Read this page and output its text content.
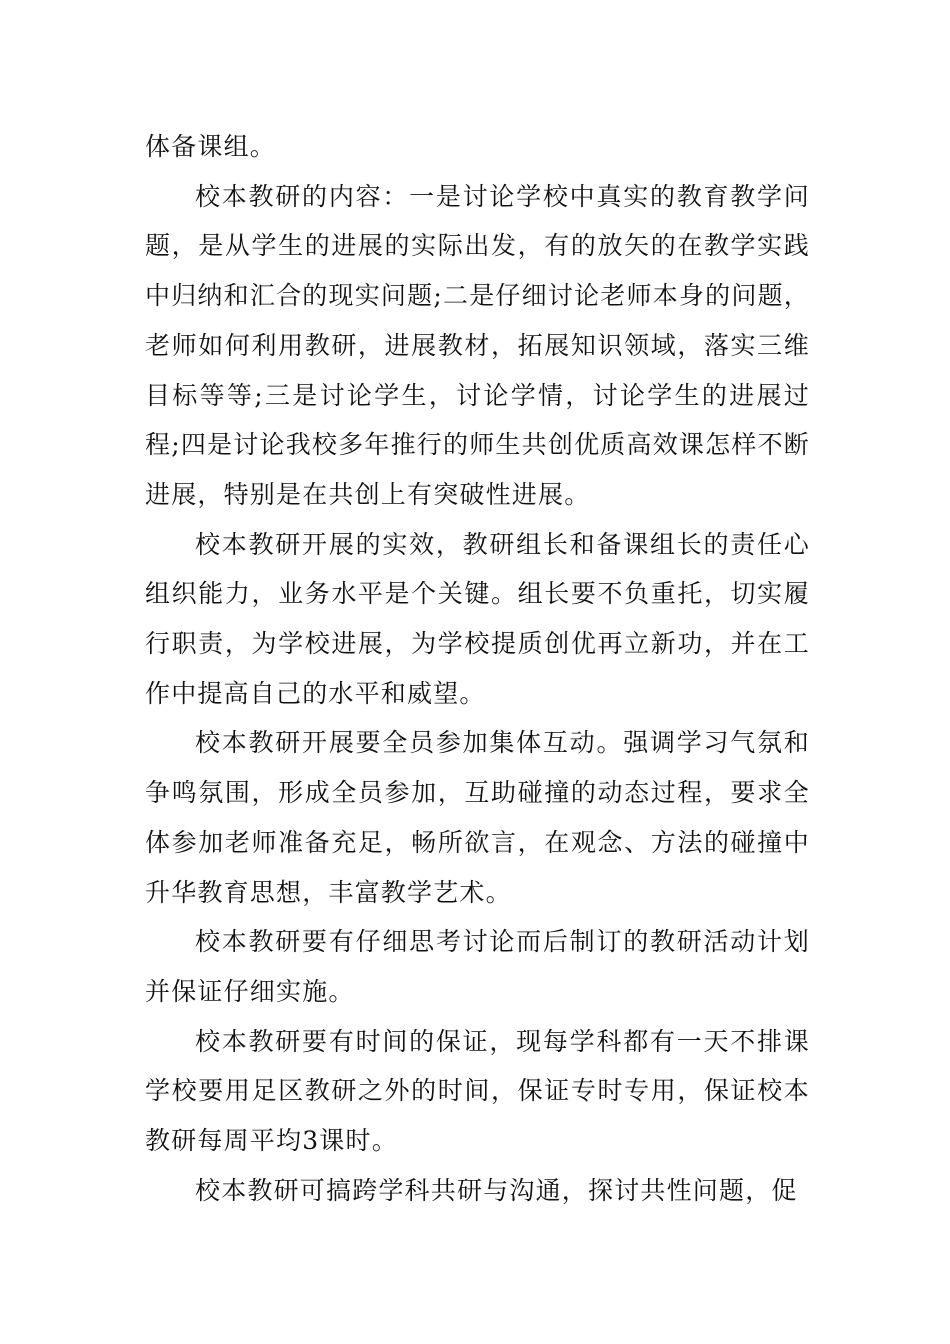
体备课组。

校本教研的内容：一是讨论学校中真实的教育教学问题，是从学生的进展的实际出发，有的放矢的在教学实践中归纳和汇合的现实问题;二是仔细讨论老师本身的问题，老师如何利用教研，进展教材，拓展知识领域，落实三维目标等等;三是讨论学生，讨论学情，讨论学生的进展过程;四是讨论我校多年推行的师生共创优质高效课怎样不断进展，特别是在共创上有突破性进展。

校本教研开展的实效，教研组长和备课组长的责任心组织能力，业务水平是个关键。组长要不负重托，切实履行职责，为学校进展，为学校提质创优再立新功，并在工作中提高自己的水平和威望。

校本教研开展要全员参加集体互动。强调学习气氛和争鸣氛围，形成全员参加，互助碰撞的动态过程，要求全体参加老师准备充足，畅所欲言，在观念、方法的碰撞中升华教育思想，丰富教学艺术。

校本教研要有仔细思考讨论而后制订的教研活动计划并保证仔细实施。

校本教研要有时间的保证，现每学科都有一天不排课学校要用足区教研之外的时间，保证专时专用，保证校本教研每周平均3课时。

校本教研可搞跨学科共研与沟通，探讨共性问题，促
